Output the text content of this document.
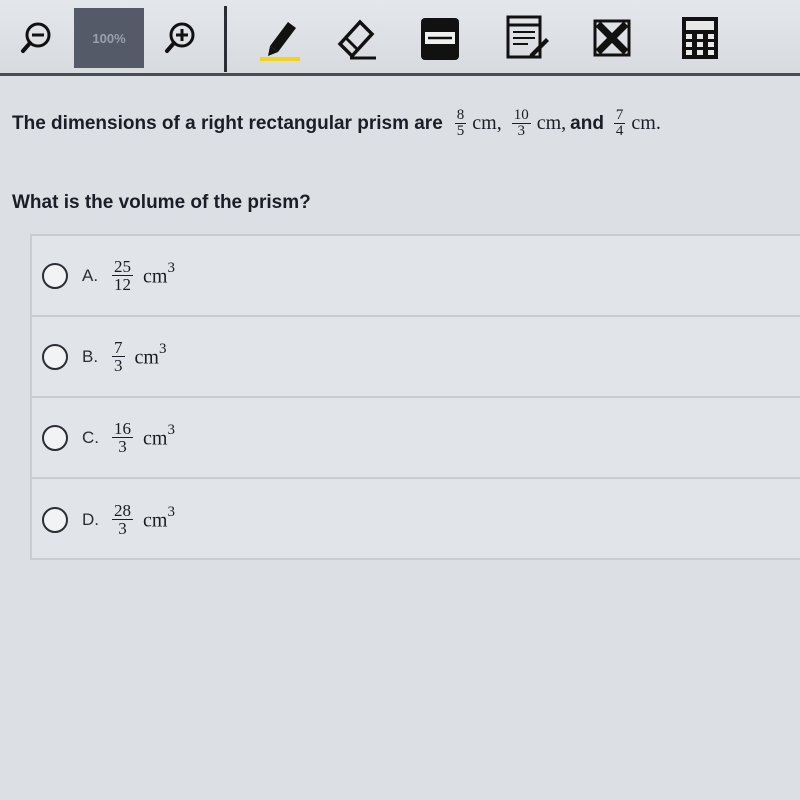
100%
The dimensions of a right rectangular prism are $\frac{8}{5}$ cm, $\frac{10}{3}$ cm, and $\frac{7}{4}$ cm.
What is the volume of the prism?
A. $\frac{25}{12} cm^3$
B. $\frac{7}{3} cm^3$
C. $\frac{16}{3} cm^3$
D. $\frac{28}{3} cm^3$
